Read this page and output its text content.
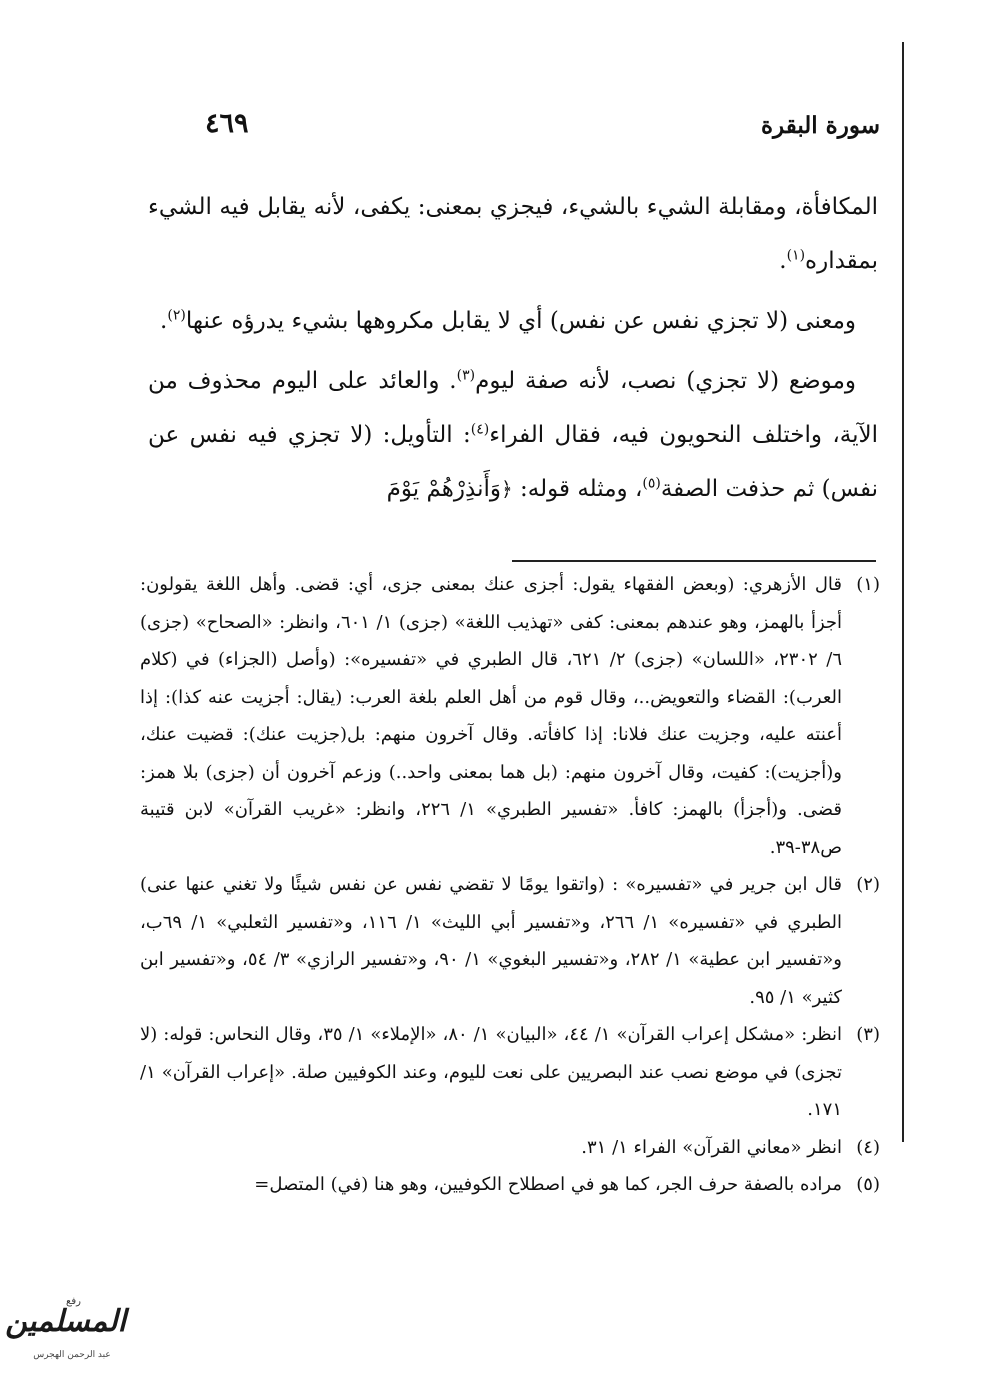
سورة البقرة
٤٦٩

المكافأة، ومقابلة الشيء بالشيء، فيجزي بمعنى: يكفى، لأنه يقابل فيه الشيء بمقداره$^{(١)}$.

ومعنى (لا تجزي نفس عن نفس) أي لا يقابل مكروهها بشيء يدرؤه عنها$^{(٢)}$.

وموضع (لا تجزي) نصب، لأنه صفة ليوم$^{(٣)}$. والعائد على اليوم محذوف من الآية، واختلف النحويون فيه، فقال الفراء$^{(٤)}$: التأويل: (لا تجزي فيه نفس عن نفس) ثم حذفت الصفة$^{(٥)}$، ومثله قوله: ﴿وَأَنذِرْهُمْ يَوْمَ

(١)
قال الأزهري: (وبعض الفقهاء يقول: أجزى عنك بمعنى جزى، أي: قضى. وأهل اللغة يقولون: أجزأ بالهمز، وهو عندهم بمعنى: كفى «تهذيب اللغة» (جزى) ١/ ٦٠١، وانظر: «الصحاح» (جزى) ٦/ ٢٣٠٢، «اللسان» (جزى) ٢/ ٦٢١، قال الطبري في «تفسيره»: (وأصل (الجزاء) في (كلام العرب): القضاء والتعويض..، وقال قوم من أهل العلم بلغة العرب: (يقال: أجزيت عنه كذا): إذا أعنته عليه، وجزيت عنك فلانا: إذا كافأته. وقال آخرون منهم: بل(جزيت عنك): قضيت عنك، و(أجزيت): كفيت، وقال آخرون منهم: (بل هما بمعنى واحد..) وزعم آخرون أن (جزى) بلا همز: قضى. و(أجزأ) بالهمز: كافأ. «تفسير الطبري» ١/ ٢٢٦، وانظر: «غريب القرآن» لابن قتيبة ص٣٨-٣٩.
(٢)
قال ابن جرير في «تفسيره» : (واتقوا يومًا لا تقضي نفس عن نفس شيئًا ولا تغني عنها عنى) الطبري في «تفسيره» ١/ ٢٦٦، و«تفسير أبي الليث» ١/ ١١٦، و«تفسير الثعلبي» ١/ ٦٩ب، و«تفسير ابن عطية» ١/ ٢٨٢، و«تفسير البغوي» ١/ ٩٠، و«تفسير الرازي» ٣/ ٥٤، و«تفسير ابن كثير» ١/ ٩٥.
(٣)
انظر: «مشكل إعراب القرآن» ١/ ٤٤، «البيان» ١/ ٨٠، «الإملاء» ١/ ٣٥، وقال النحاس: قوله: (لا تجزى) في موضع نصب عند البصريين على نعت لليوم، وعند الكوفيين صلة. «إعراب القرآن» ١/ ١٧١.
(٤)
انظر «معاني القرآن» الفراء ١/ ٣١.
(٥)
مراده بالصفة حرف الجر، كما هو في اصطلاح الكوفيين، وهو هنا (في) المتصل=
رفع
المسلمين
عبد الرحمن الهجرس
